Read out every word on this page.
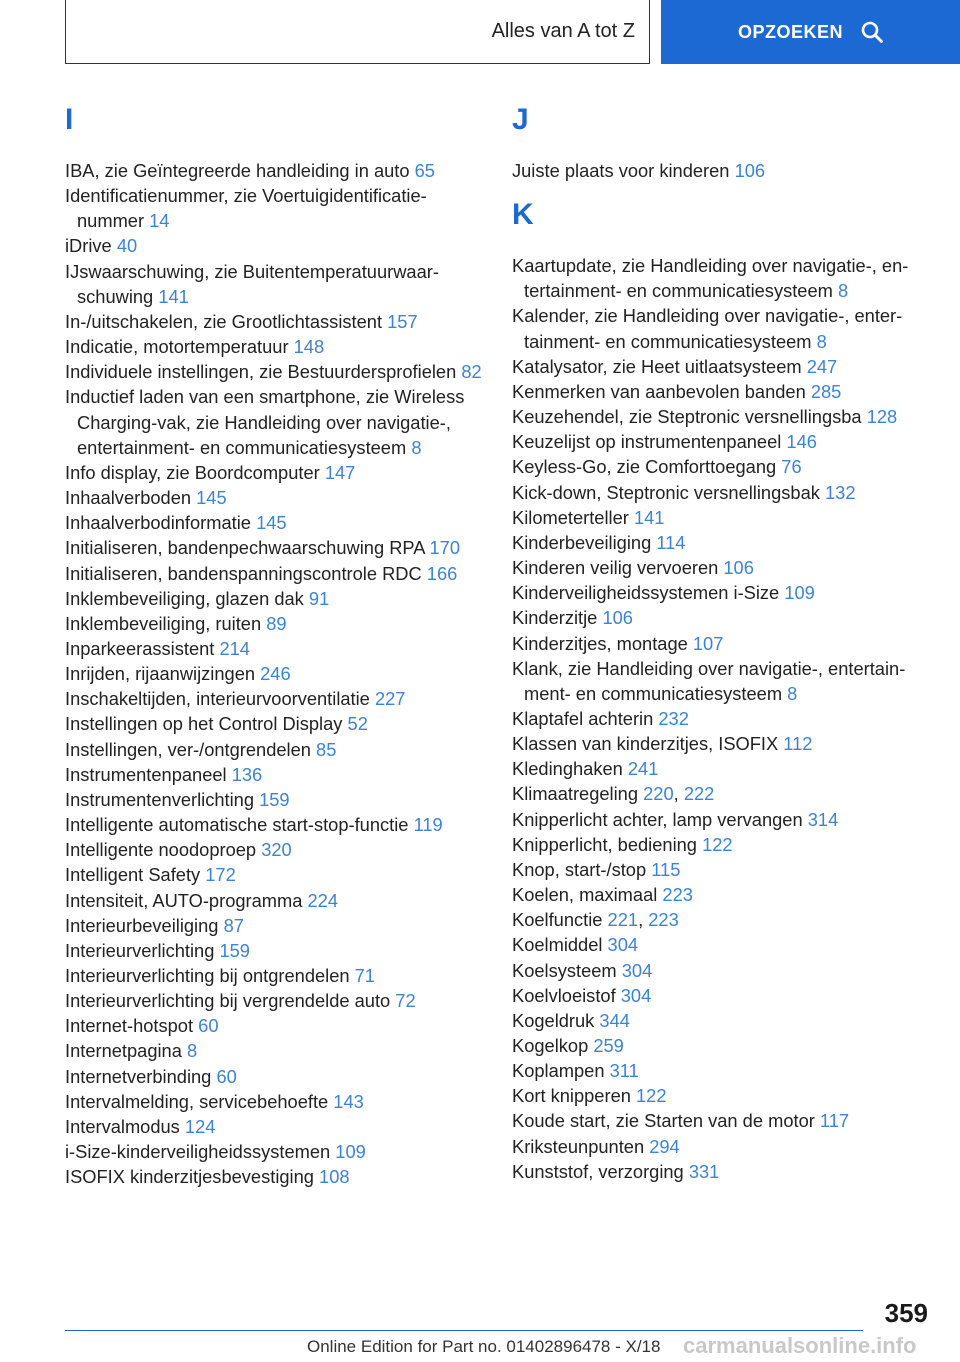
Alles van A tot Z	OPZOEKEN
I
IBA, zie Geïntegreerde handleiding in auto 65
Identificatienummer, zie Voertuigidentificatienummer 14
iDrive 40
IJswaarschuwing, zie Buitentemperatuurwaarschuwing 141
In-/uitschakelen, zie Grootlichtassistent 157
Indicatie, motortemperatuur 148
Individuele instellingen, zie Bestuurdersprofielen 82
Inductief laden van een smartphone, zie Wireless Charging-vak, zie Handleiding over navigatie-, entertainment- en communicatiesysteem 8
Info display, zie Boordcomputer 147
Inhaalverboden 145
Inhaalverbodinformatie 145
Initialiseren, bandenpechwaarschuwing RPA 170
Initialiseren, bandenspanningscontrole RDC 166
Inklembeveiliging, glazen dak 91
Inklembeveiliging, ruiten 89
Inparkeerassistent 214
Inrijden, rijaanwijzingen 246
Inschakeltijden, interieurvoorventilatie 227
Instellingen op het Control Display 52
Instellingen, ver-/ontgrendelen 85
Instrumentenpaneel 136
Instrumentenverlichting 159
Intelligente automatische start-stop-functie 119
Intelligente noodoproep 320
Intelligent Safety 172
Intensiteit, AUTO-programma 224
Interieurbeveiliging 87
Interieurverlichting 159
Interieurverlichting bij ontgrendelen 71
Interieurverlichting bij vergrendelde auto 72
Internet-hotspot 60
Internetpagina 8
Internetverbinding 60
Intervalmelding, servicebehoefte 143
Intervalmodus 124
i-Size-kinderveiligheidssystemen 109
ISOFIX kinderzitjesbevestiging 108
J
Juiste plaats voor kinderen 106
K
Kaartupdate, zie Handleiding over navigatie-, entertainment- en communicatiesysteem 8
Kalender, zie Handleiding over navigatie-, entertainment- en communicatiesysteem 8
Katalysator, zie Heet uitlaatsysteem 247
Kenmerken van aanbevolen banden 285
Keuzehendel, zie Steptronic versnellingsba 128
Keuzelijst op instrumentenpaneel 146
Keyless-Go, zie Comforttoegang 76
Kick-down, Steptronic versnellingsbak 132
Kilometerteller 141
Kinderbeveiliging 114
Kinderen veilig vervoeren 106
Kinderveiligheidssystemen i-Size 109
Kinderzitje 106
Kinderzitjes, montage 107
Klank, zie Handleiding over navigatie-, entertainment- en communicatiesysteem 8
Klaptafel achterin 232
Klassen van kinderzitjes, ISOFIX 112
Kledinghaken 241
Klimaatregeling 220, 222
Knipperlicht achter, lamp vervangen 314
Knipperlicht, bediening 122
Knop, start-/stop 115
Koelen, maximaal 223
Koelfunctie 221, 223
Koelmiddel 304
Koelsysteem 304
Koelvloeistof 304
Kogeldruk 344
Kogelkop 259
Koplampen 311
Kort knipperen 122
Koude start, zie Starten van de motor 117
Kriksteunpunten 294
Kunststof, verzorging 331
359
Online Edition for Part no. 01402896478 - X/18 carmanualsonline.info
